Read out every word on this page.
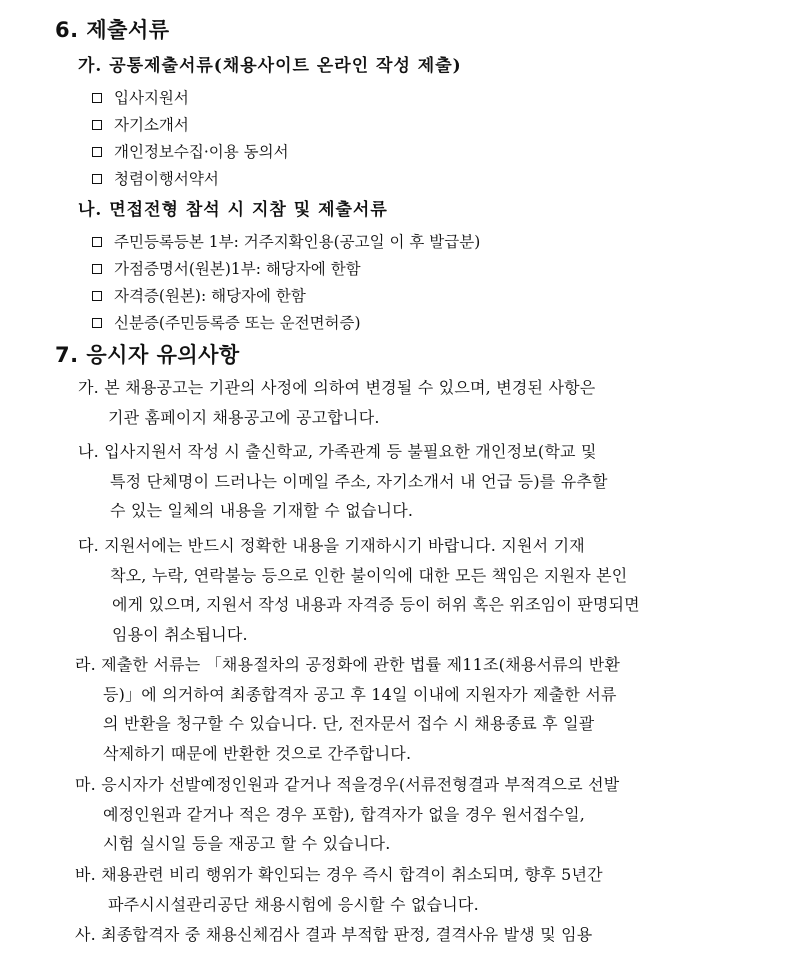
6. 제출서류
가. 공통제출서류(채용사이트 온라인 작성 제출)
입사지원서
자기소개서
개인정보수집·이용 동의서
청렴이행서약서
나. 면접전형 참석 시 지참 및 제출서류
주민등록등본 1부: 거주지확인용(공고일 이 후 발급분)
가점증명서(원본)1부: 해당자에 한함
자격증(원본): 해당자에 한함
신분증(주민등록증 또는 운전면허증)
7. 응시자 유의사항
가. 본 채용공고는 기관의 사정에 의하여 변경될 수 있으며, 변경된 사항은
기관 홈페이지 채용공고에 공고합니다.
나. 입사지원서 작성 시 출신학교, 가족관계 등 불필요한 개인정보(학교 및
특정 단체명이 드러나는 이메일 주소, 자기소개서 내 언급 등)를 유추할
수 있는 일체의 내용을 기재할 수 없습니다.
다. 지원서에는 반드시 정확한 내용을 기재하시기 바랍니다. 지원서 기재
착오, 누락, 연락불능 등으로 인한 불이익에 대한 모든 책임은 지원자 본인
에게 있으며, 지원서 작성 내용과 자격증 등이 허위 혹은 위조임이 판명되면
임용이 취소됩니다.
라. 제출한 서류는 「채용절차의 공정화에 관한 법률 제11조(채용서류의 반환
등)」에 의거하여 최종합격자 공고 후 14일 이내에 지원자가 제출한 서류
의 반환을 청구할 수 있습니다. 단, 전자문서 접수 시 채용종료 후 일괄
삭제하기 때문에 반환한 것으로 간주합니다.
마. 응시자가 선발예정인원과 같거나 적을경우(서류전형결과 부적격으로 선발
예정인원과 같거나 적은 경우 포함), 합격자가 없을 경우 원서접수일,
시험 실시일 등을 재공고 할 수 있습니다.
바. 채용관련 비리 행위가 확인되는 경우 즉시 합격이 취소되며, 향후 5년간
파주시시설관리공단 채용시험에 응시할 수 없습니다.
사. 최종합격자 중 채용신체검사 결과 부적합 판정, 결격사유 발생 및 임용
